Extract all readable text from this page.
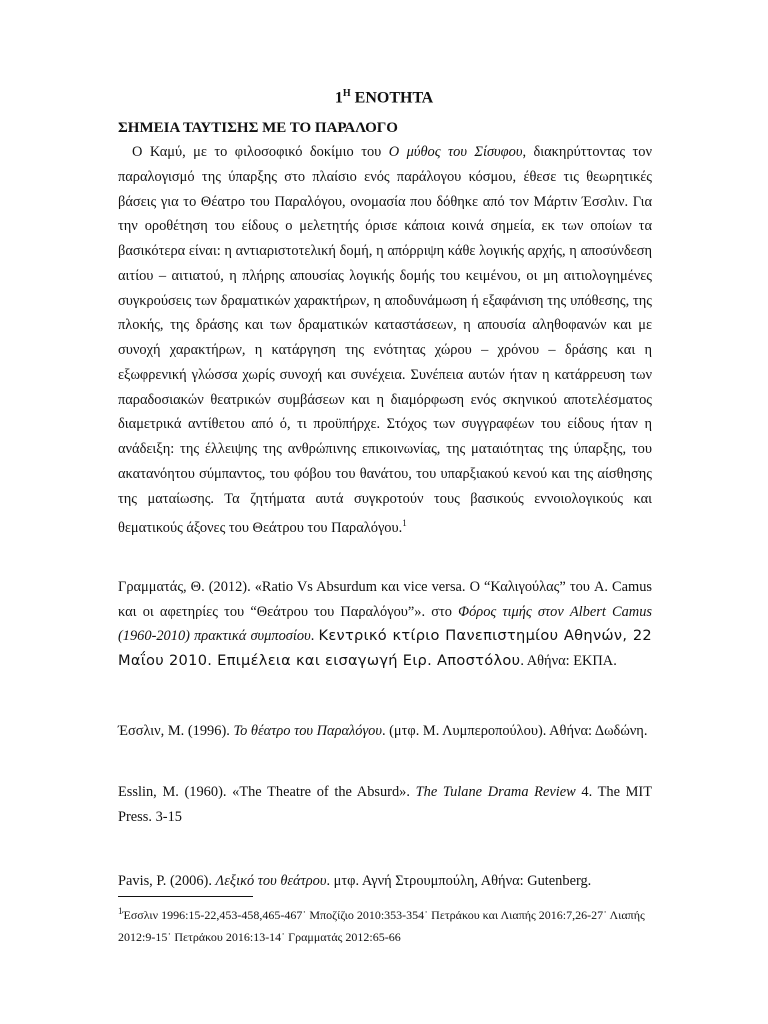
$1^H$ ΕΝΟΤΗΤΑ
ΣΗΜΕΙΑ ΤΑΥΤΙΣΗΣ ΜΕ ΤΟ ΠΑΡΑΛΟΓΟ

Ο Καμύ, με το φιλοσοφικό δοκίμιο του Ο μύθος του Σίσυφου, διακηρύττοντας τον παραλογισμό της ύπαρξης στο πλαίσιο ενός παράλογου κόσμου, έθεσε τις θεωρητικές βάσεις για το Θέατρο του Παραλόγου, ονομασία που δόθηκε από τον Μάρτιν Έσσλιν. Για την οροθέτηση του είδους ο μελετητής όρισε κάποια κοινά σημεία, εκ των οποίων τα βασικότερα είναι: η αντιαριστοτελική δομή, η απόρριψη κάθε λογικής αρχής, η αποσύνδεση αιτίου – αιτιατού, η πλήρης απουσίας λογικής δομής του κειμένου, οι μη αιτιολογημένες συγκρούσεις των δραματικών χαρακτήρων, η αποδυνάμωση ή εξαφάνιση της υπόθεσης, της πλοκής, της δράσης και των δραματικών καταστάσεων, η απουσία αληθοφανών και με συνοχή χαρακτήρων, η κατάργηση της ενότητας χώρου – χρόνου – δράσης και η εξωφρενική γλώσσα χωρίς συνοχή και συνέχεια. Συνέπεια αυτών ήταν η κατάρρευση των παραδοσιακών θεατρικών συμβάσεων και η διαμόρφωση ενός σκηνικού αποτελέσματος διαμετρικά αντίθετου από ό, τι προϋπήρχε. Στόχος των συγγραφέων του είδους ήταν η ανάδειξη: της έλλειψης της ανθρώπινης επικοινωνίας, της ματαιότητας της ύπαρξης, του ακατανόητου σύμπαντος, του φόβου του θανάτου, του υπαρξιακού κενού και της αίσθησης της ματαίωσης. Τα ζητήματα αυτά συγκροτούν τους βασικούς εννοιολογικούς και θεματικούς άξονες του Θεάτρου του Παραλόγου.$^1$

Γραμματάς, Θ. (2012). «Ratio Vs Absurdum και vice versa. Ο “Καλιγούλας” του A. Camus και οι αφετηρίες του “Θεάτρου του Παραλόγου”». στο Φόρος τιμής στον Albert Camus (1960-2010) πρακτικά συμποσίου. Κεντρικό κτίριο Πανεπιστημίου Αθηνών, 22 Μαΐου 2010. Επιμέλεια και εισαγωγή Ειρ. Αποστόλου. Αθήνα: ΕΚΠΑ.

Έσσλιν, Μ. (1996). Το θέατρο του Παραλόγου. (μτφ. Μ. Λυμπεροπούλου). Αθήνα: Δωδώνη.

Esslin, M. (1960). «The Theatre of the Absurd». The Tulane Drama Review 4. The MIT Press. 3-15

Pavis, P. (2006). Λεξικό του θεάτρου. μτφ. Αγνή Στρουμπούλη, Αθήνα: Gutenberg.

$^1$Έσσλιν 1996:15-22,453-458,465-467˙ Μποζίζιο 2010:353-354˙ Πετράκου και Λιαπής 2016:7,26-27˙ Λιαπής 2012:9-15˙ Πετράκου 2016:13-14˙ Γραμματάς 2012:65-66
